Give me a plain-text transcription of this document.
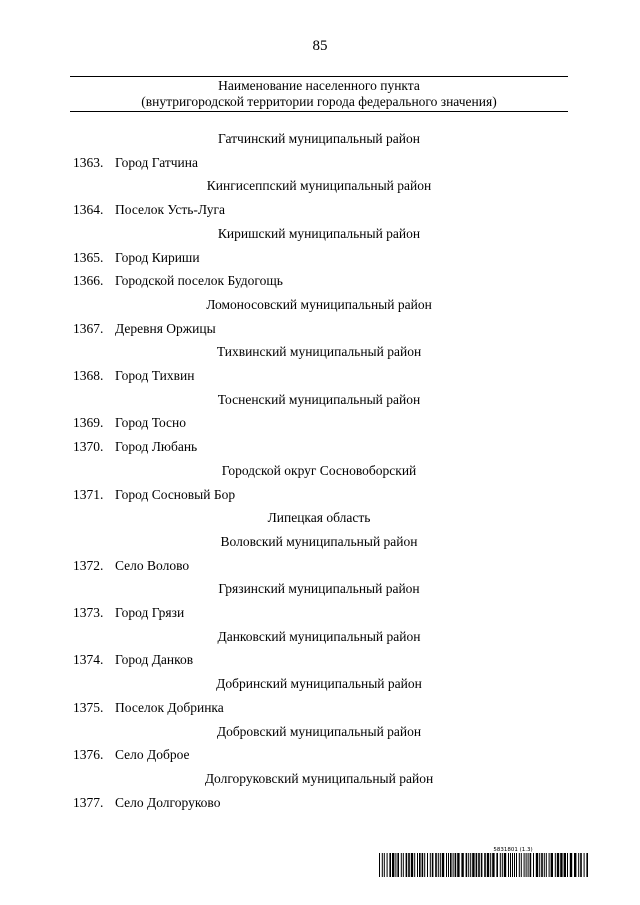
85
Наименование населенного пункта
(внутригородской территории города федерального значения)
Гатчинский муниципальный район
1363. Город Гатчина
Кингисеппский муниципальный район
1364. Поселок Усть-Луга
Киришский муниципальный район
1365. Город Кириши
1366. Городской поселок Будогощь
Ломоносовский муниципальный район
1367. Деревня Оржицы
Тихвинский муниципальный район
1368. Город Тихвин
Тосненский муниципальный район
1369. Город Тосно
1370. Город Любань
Городской округ Сосновоборский
1371. Город Сосновый Бор
Липецкая область
Воловский муниципальный район
1372. Село Волово
Грязинский муниципальный район
1373. Город Грязи
Данковский муниципальный район
1374. Город Данков
Добринский муниципальный район
1375. Поселок Добринка
Добровский муниципальный район
1376. Село Доброе
Долгоруковский муниципальный район
1377. Село Долгоруково
5831801 (1.3)
